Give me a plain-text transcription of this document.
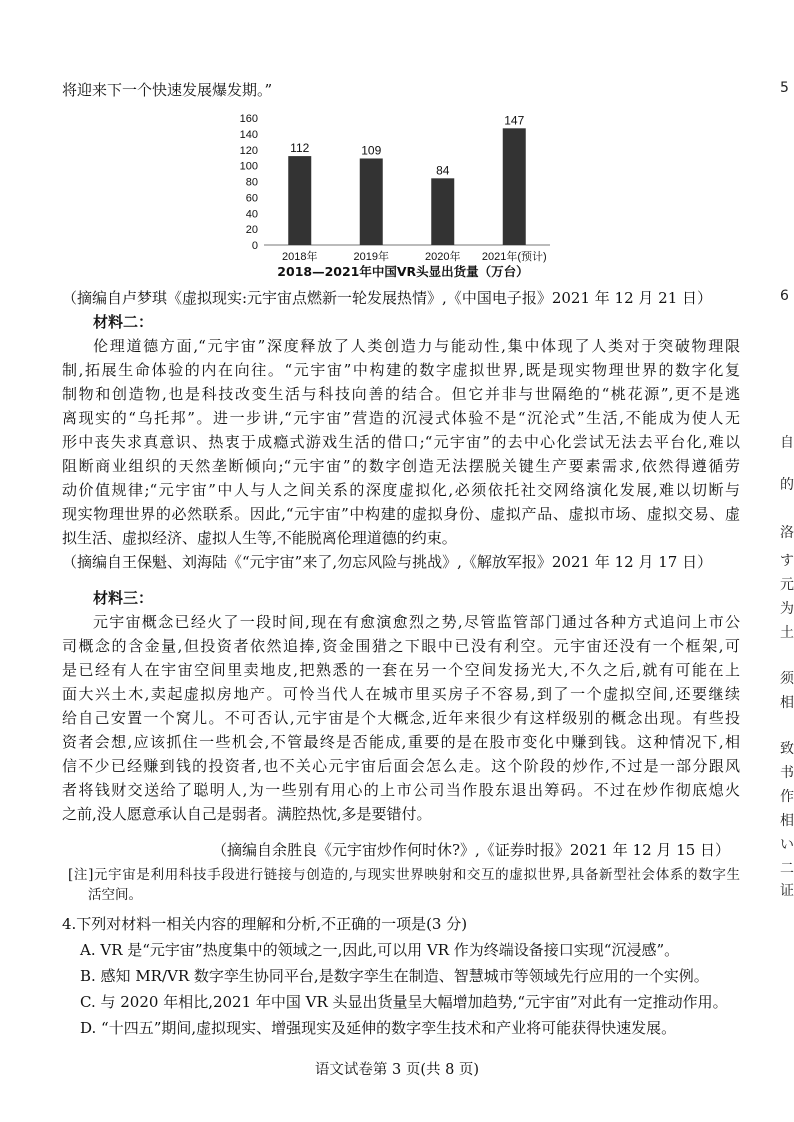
将迎来下一个快速发展爆发期。”
0
20
40
60
80
100
120
140
160
112
2018年
109
2019年
84
2020年
147
2021年(预计)
2018—2021年中国VR头显出货量（万台）
（摘编自卢梦琪《虚拟现实:元宇宙点燃新一轮发展热情》,《中国电子报》2021 年 12 月 21 日）
材料二：
伦理道德方面,“元宇宙”深度释放了人类创造力与能动性,集中体现了人类对于突破物理限
制,拓展生命体验的内在向往。“元宇宙”中构建的数字虚拟世界,既是现实物理世界的数字化复
制物和创造物,也是科技改变生活与科技向善的结合。但它并非与世隔绝的“桃花源”,更不是逃
离现实的“乌托邦”。进一步讲,“元宇宙”营造的沉浸式体验不是“沉沦式”生活,不能成为使人无
形中丧失求真意识、热衷于成瘾式游戏生活的借口;“元宇宙”的去中心化尝试无法去平台化,难以
阻断商业组织的天然垄断倾向;“元宇宙”的数字创造无法摆脱关键生产要素需求,依然得遵循劳
动价值规律;“元宇宙”中人与人之间关系的深度虚拟化,必须依托社交网络演化发展,难以切断与
现实物理世界的必然联系。因此,“元宇宙”中构建的虚拟身份、虚拟产品、虚拟市场、虚拟交易、虚
拟生活、虚拟经济、虚拟人生等,不能脱离伦理道德的约束。
（摘编自王保魁、刘海陆《“元宇宙”来了,勿忘风险与挑战》,《解放军报》2021 年 12 月 17 日）
材料三：
元宇宙概念已经火了一段时间,现在有愈演愈烈之势,尽管监管部门通过各种方式追问上市公
司概念的含金量,但投资者依然追捧,资金围猎之下眼中已没有利空。元宇宙还没有一个框架,可
是已经有人在宇宙空间里卖地皮,把熟悉的一套在另一个空间发扬光大,不久之后,就有可能在上
面大兴土木,卖起虚拟房地产。可怜当代人在城市里买房子不容易,到了一个虚拟空间,还要继续
给自己安置一个窝儿。不可否认,元宇宙是个大概念,近年来很少有这样级别的概念出现。有些投
资者会想,应该抓住一些机会,不管最终是否能成,重要的是在股市变化中赚到钱。这种情况下,相
信不少已经赚到钱的投资者,也不关心元宇宙后面会怎么走。这个阶段的炒作,不过是一部分跟风
者将钱财交送给了聪明人,为一些别有用心的上市公司当作股东退出筹码。不过在炒作彻底熄火
之前,没人愿意承认自己是弱者。满腔热忱,多是要错付。
（摘编自余胜良《元宇宙炒作何时休?》,《证券时报》2021 年 12 月 15 日）
[注]元宇宙是利用科技手段进行链接与创造的,与现实世界映射和交互的虚拟世界,具备新型社会体系的数字生
活空间。
4.下列对材料一相关内容的理解和分析,不正确的一项是(3 分)
A. VR 是“元宇宙”热度集中的领域之一,因此,可以用 VR 作为终端设备接口实现“沉浸感”。
B. 感知 MR/VR 数字孪生协同平台,是数字孪生在制造、智慧城市等领域先行应用的一个实例。
C. 与 2020 年相比,2021 年中国 VR 头显出货量呈大幅增加趋势,“元宇宙”对此有一定推动作用。
D. “十四五”期间,虚拟现实、增强现实及延伸的数字孪生技术和产业将可能获得快速发展。
语文试卷第 3 页(共 8 页)
5
6
自
的
洛
す
元
为
土
须
相
致
书
作
相
い
二
证
